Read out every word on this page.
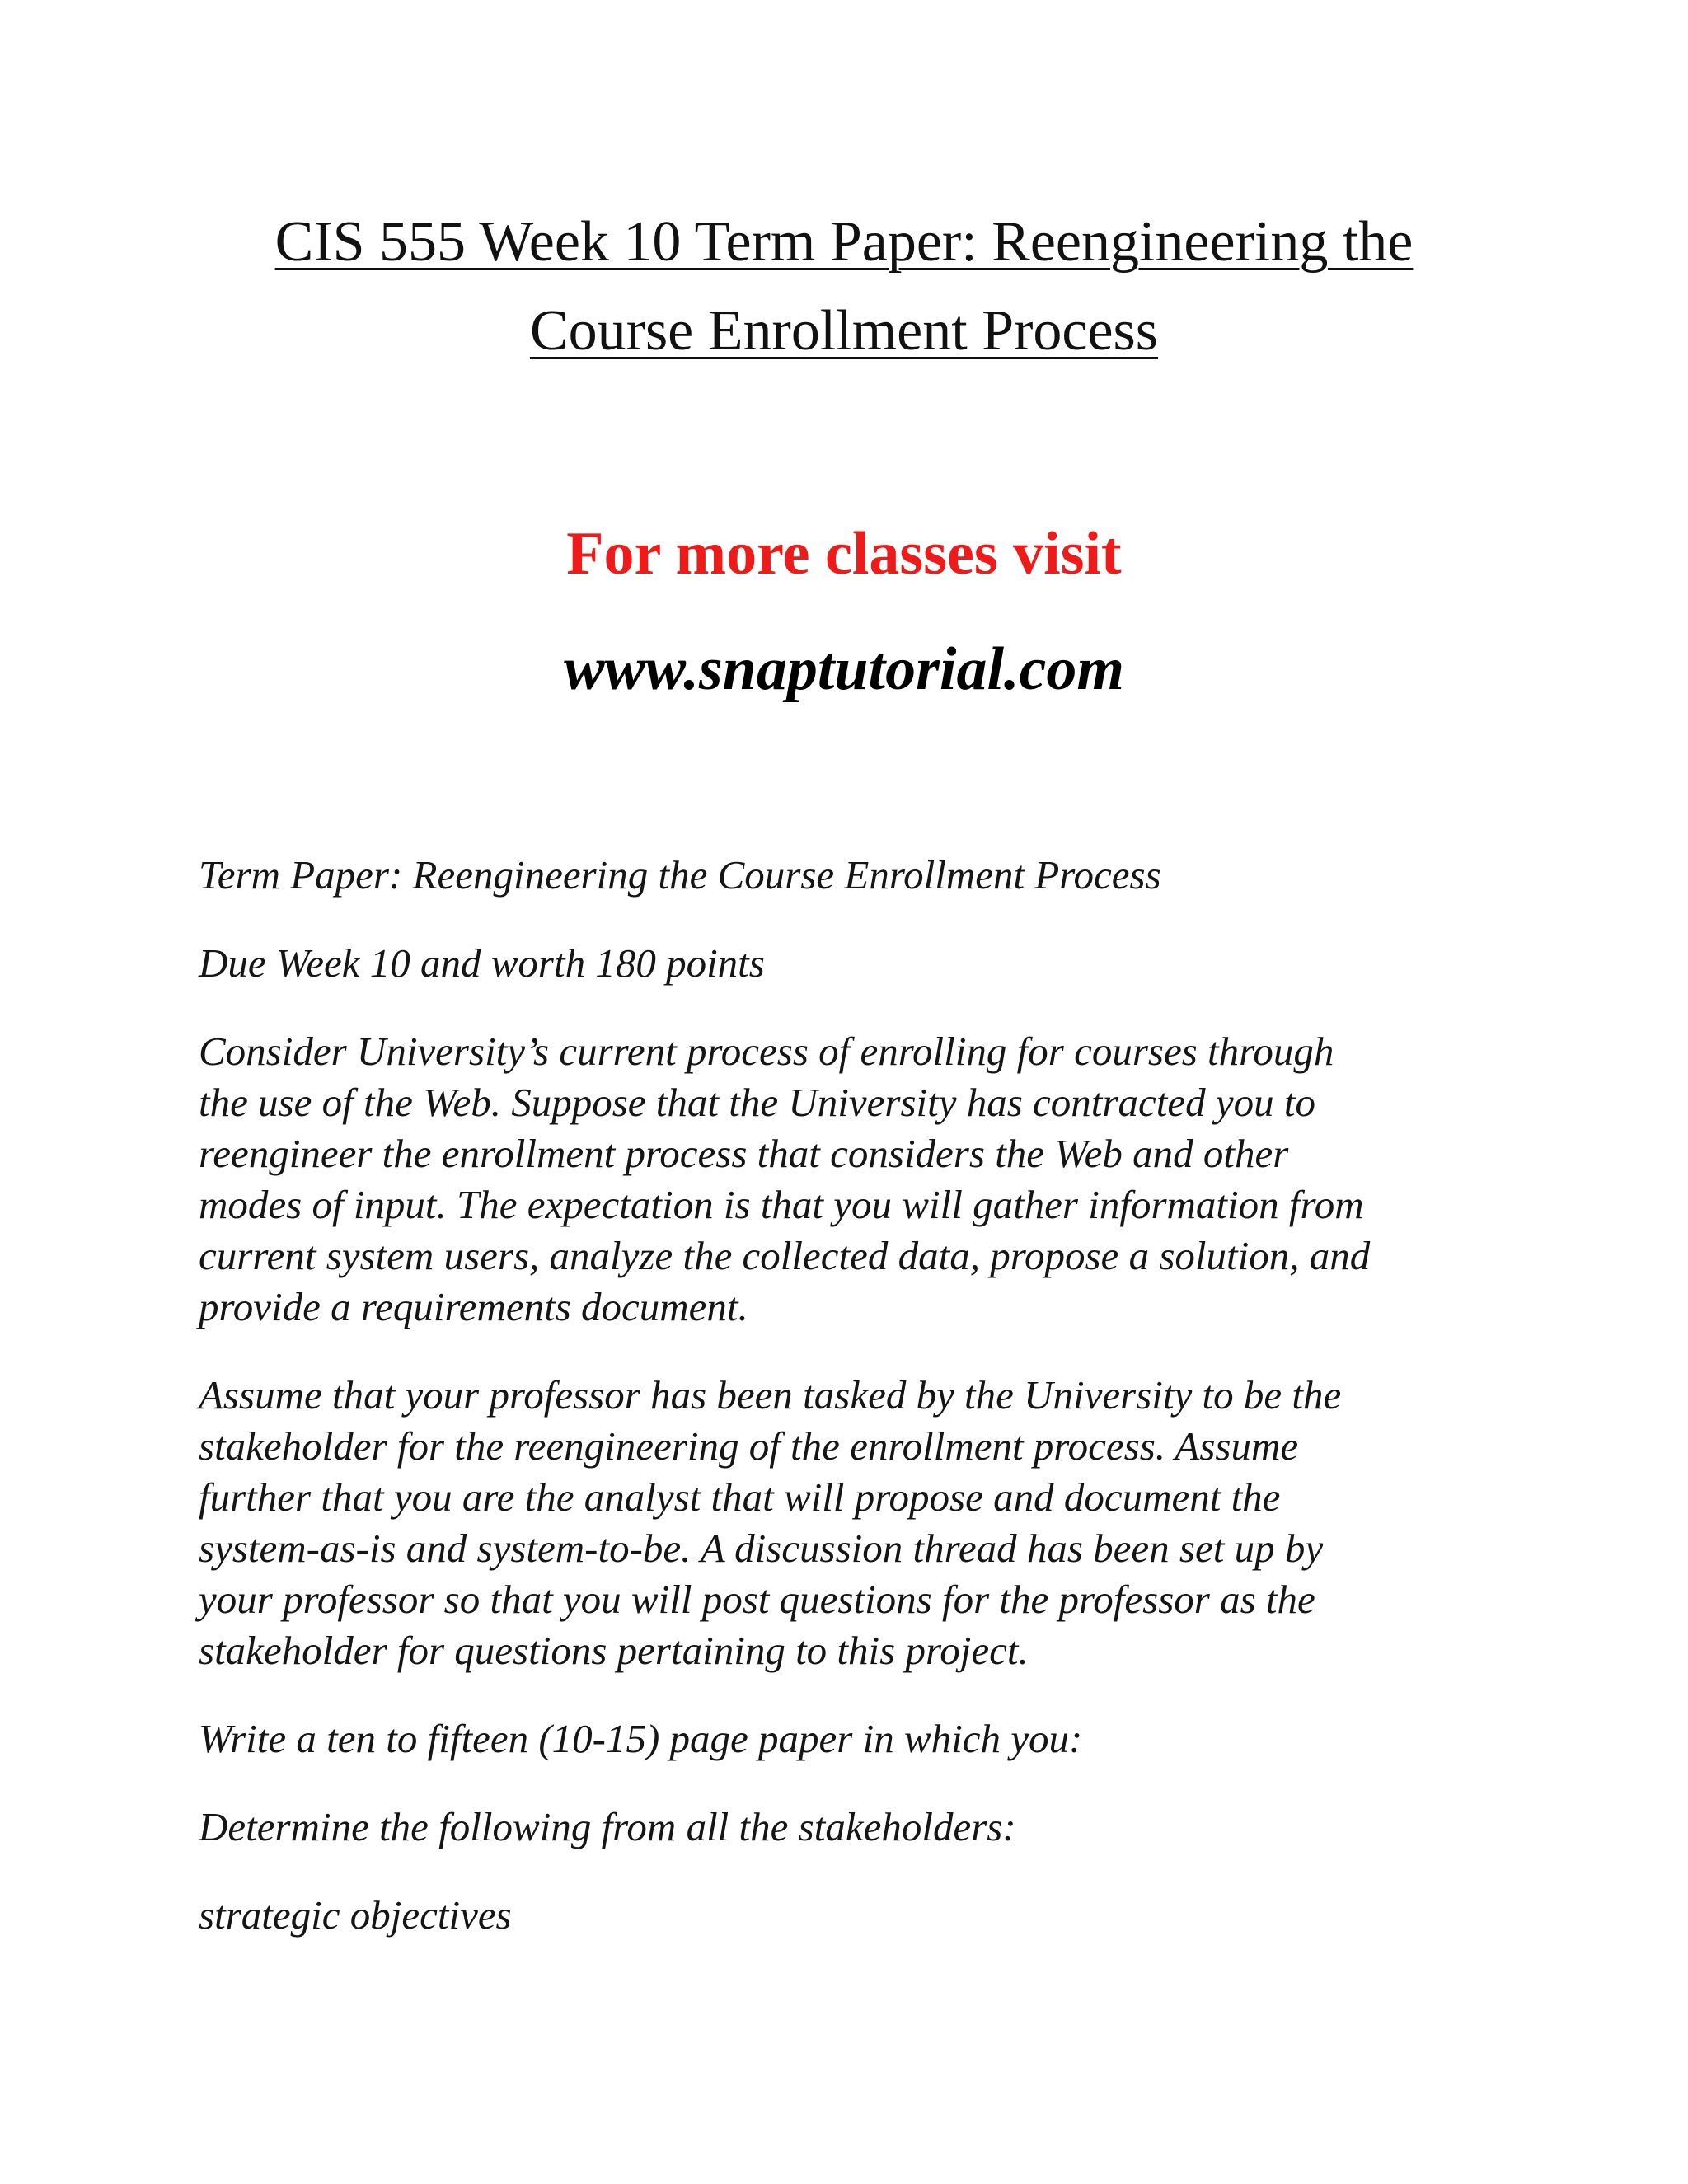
CIS 555 Week 10 Term Paper: Reengineering the
Course Enrollment Process

For more classes visit

www.snaptutorial.com

Term Paper: Reengineering the Course Enrollment Process

Due Week 10 and worth 180 points

Consider University’s current process of enrolling for courses through
the use of the Web. Suppose that the University has contracted you to
reengineer the enrollment process that considers the Web and other
modes of input. The expectation is that you will gather information from
current system users, analyze the collected data, propose a solution, and
provide a requirements document.

Assume that your professor has been tasked by the University to be the
stakeholder for the reengineering of the enrollment process. Assume
further that you are the analyst that will propose and document the
system-as-is and system-to-be. A discussion thread has been set up by
your professor so that you will post questions for the professor as the
stakeholder for questions pertaining to this project.

Write a ten to fifteen (10-15) page paper in which you:

Determine the following from all the stakeholders:

strategic objectives
